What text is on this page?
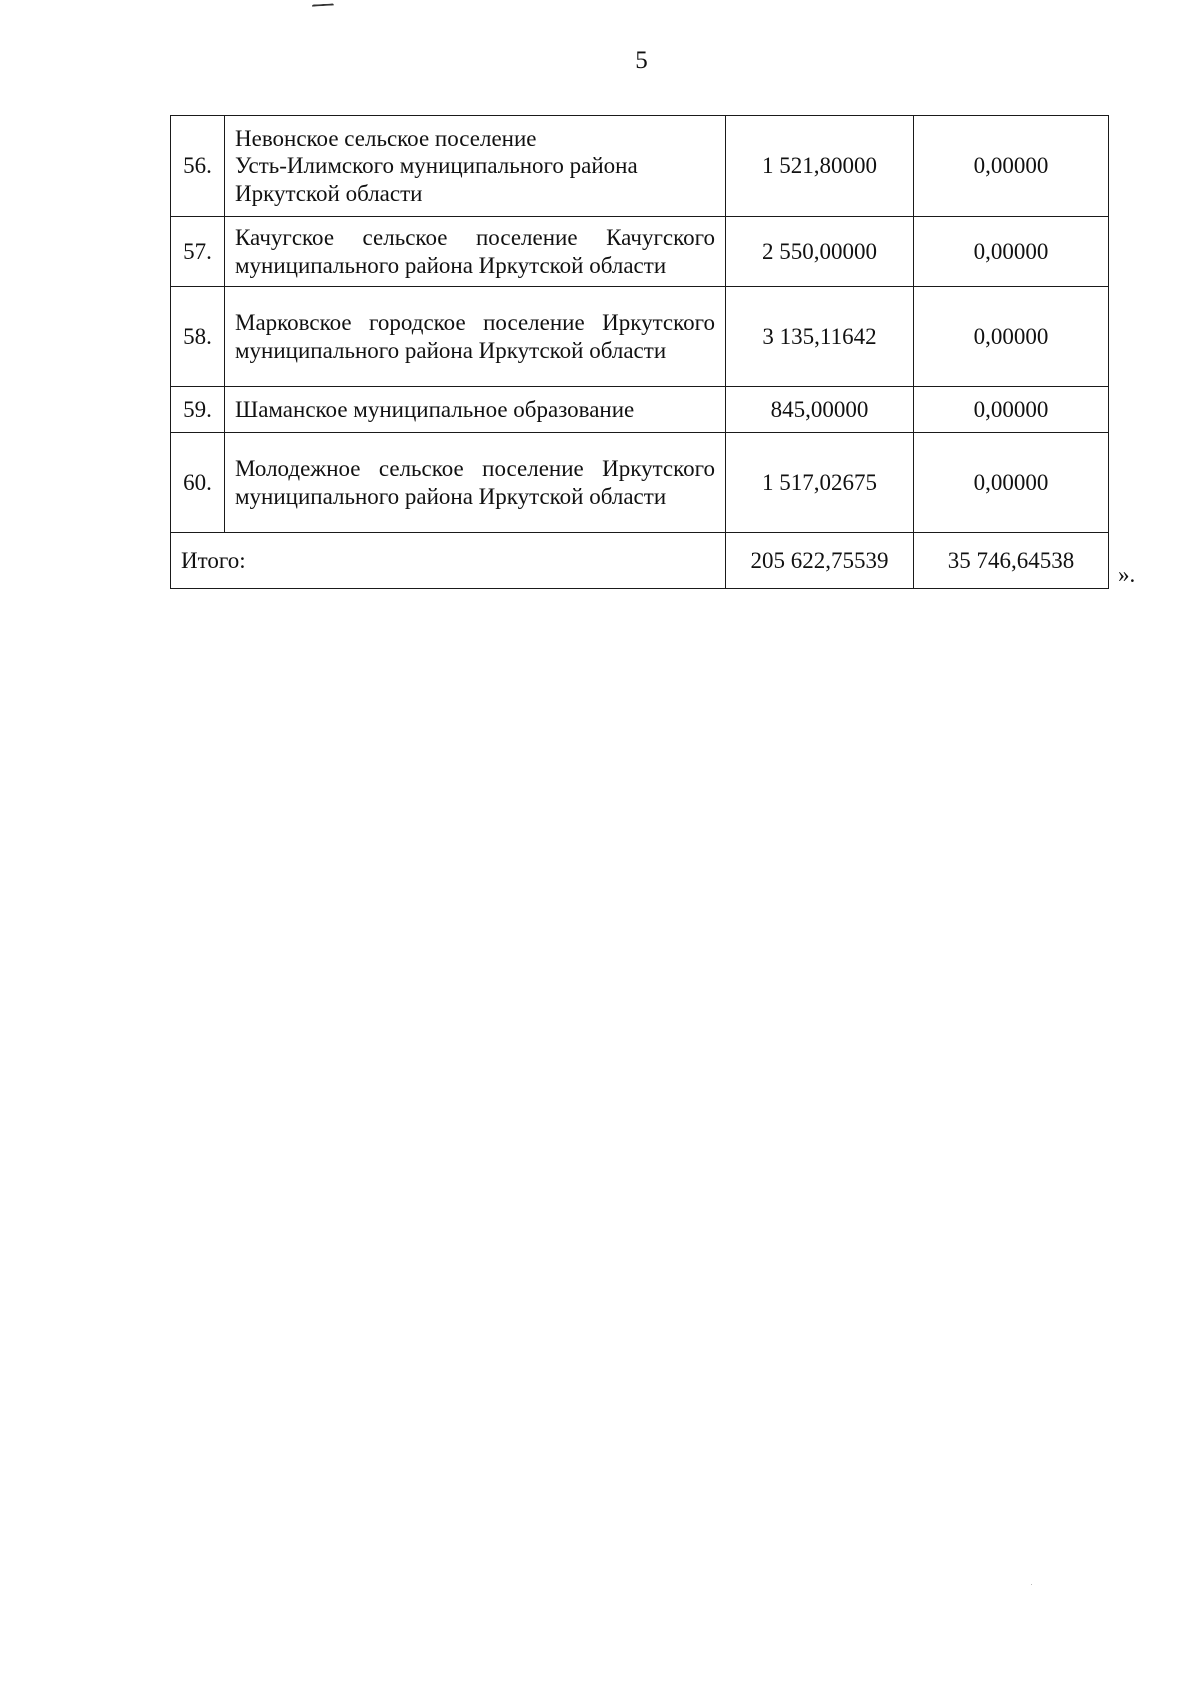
5
56.	Невонское сельское поселение
Усть-Илимского муниципального района
Иркутской области	1 521,80000	0,00000
57.	Качугское сельское поселение Качугского муниципального района Иркутской области	2 550,00000	0,00000
58.	Марковское городское поселение Иркутского муниципального района Иркутской области	3 135,11642	0,00000
59.	Шаманское муниципальное образование	845,00000	0,00000
60.	Молодежное сельское поселение Иркутского муниципального района Иркутской области	1 517,02675	0,00000
Итого:		205 622,75539	35 746,64538
».
